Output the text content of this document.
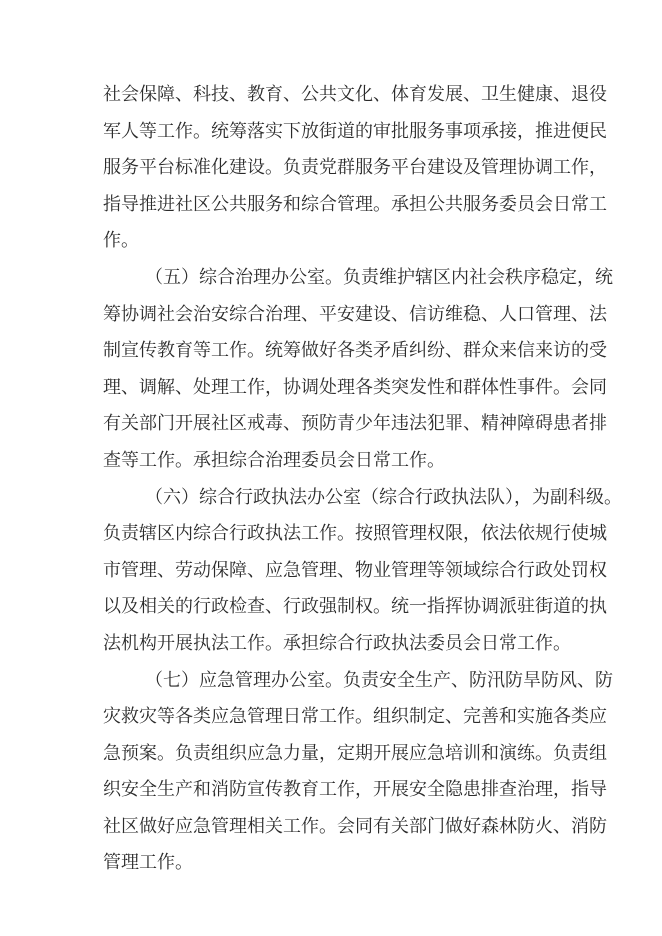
社会保障、科技、教育、公共文化、体育发展、卫生健康、退役
军人等工作。统筹落实下放街道的审批服务事项承接，推进便民
服务平台标准化建设。负责党群服务平台建设及管理协调工作，
指导推进社区公共服务和综合管理。承担公共服务委员会日常工
作。
（五）综合治理办公室。负责维护辖区内社会秩序稳定，统
筹协调社会治安综合治理、平安建设、信访维稳、人口管理、法
制宣传教育等工作。统筹做好各类矛盾纠纷、群众来信来访的受
理、调解、处理工作，协调处理各类突发性和群体性事件。会同
有关部门开展社区戒毒、预防青少年违法犯罪、精神障碍患者排
查等工作。承担综合治理委员会日常工作。
（六）综合行政执法办公室（综合行政执法队），为副科级。
负责辖区内综合行政执法工作。按照管理权限，依法依规行使城
市管理、劳动保障、应急管理、物业管理等领域综合行政处罚权
以及相关的行政检查、行政强制权。统一指挥协调派驻街道的执
法机构开展执法工作。承担综合行政执法委员会日常工作。
（七）应急管理办公室。负责安全生产、防汛防旱防风、防
灾救灾等各类应急管理日常工作。组织制定、完善和实施各类应
急预案。负责组织应急力量，定期开展应急培训和演练。负责组
织安全生产和消防宣传教育工作，开展安全隐患排查治理，指导
社区做好应急管理相关工作。会同有关部门做好森林防火、消防
管理工作。
